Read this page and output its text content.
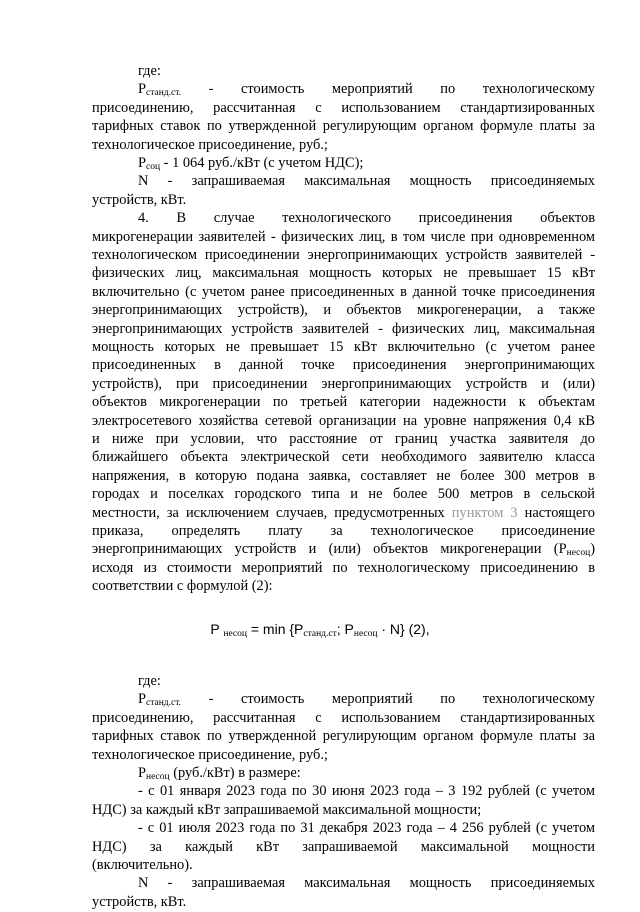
где:
$P_{станд.ст.}$ - стоимость мероприятий по технологическому
присоединению, рассчитанная с использованием стандартизированных
тарифных ставок по утвержденной регулирующим органом формуле платы за
технологическое присоединение, руб.;
$P_{соц} - 1$ 064 руб./кВт (с учетом НДС);
N - запрашиваемая максимальная мощность присоединяемых
устройств, кВт.
4. В случае технологического присоединения объектов
микрогенерации заявителей - физических лиц, в том числе при одновременном
технологическом присоединении энергопринимающих устройств заявителей -
физических лиц, максимальная мощность которых не превышает 15 кВт
включительно (с учетом ранее присоединенных в данной точке присоединения
энергопринимающих устройств), и объектов микрогенерации, а также
энергопринимающих устройств заявителей - физических лиц, максимальная
мощность которых не превышает 15 кВт включительно (с учетом ранее
присоединенных в данной точке присоединения энергопринимающих
устройств), при присоединении энергопринимающих устройств и (или)
объектов микрогенерации по третьей категории надежности к объектам
электросетевого хозяйства сетевой организации на уровне напряжения 0,4 кВ
и ниже при условии, что расстояние от границ участка заявителя до
ближайшего объекта электрической сети необходимого заявителю класса
напряжения, в которую подана заявка, составляет не более 300 метров в
городах и поселках городского типа и не более 500 метров в сельской
местности, за исключением случаев, предусмотренных пунктом 3 настоящего
приказа, определять плату за технологическое присоединение
энергопринимающих устройств и (или) объектов микрогенерации $(P_{несоц})$
исходя из стоимости мероприятий по технологическому присоединению в
соответствии с формулой (2):
P $_{несоц} = \min \{P_{станд.ст}$; $P_{несоц} \cdot N$} (2),
где:
$P_{станд.ст.}$ - стоимость мероприятий по технологическому
присоединению, рассчитанная с использованием стандартизированных
тарифных ставок по утвержденной регулирующим органом формуле платы за
технологическое присоединение, руб.;
$P_{несоц}$ (руб./кВт) в размере:
- с 01 января 2023 года по 30 июня 2023 года – 3 192 рублей (с учетом
НДС) за каждый кВт запрашиваемой максимальной мощности;
- с 01 июля 2023 года по 31 декабря 2023 года – 4 256 рублей (с учетом
НДС) за каждый кВт запрашиваемой максимальной мощности
(включительно).
N - запрашиваемая максимальная мощность присоединяемых
устройств, кВт.
